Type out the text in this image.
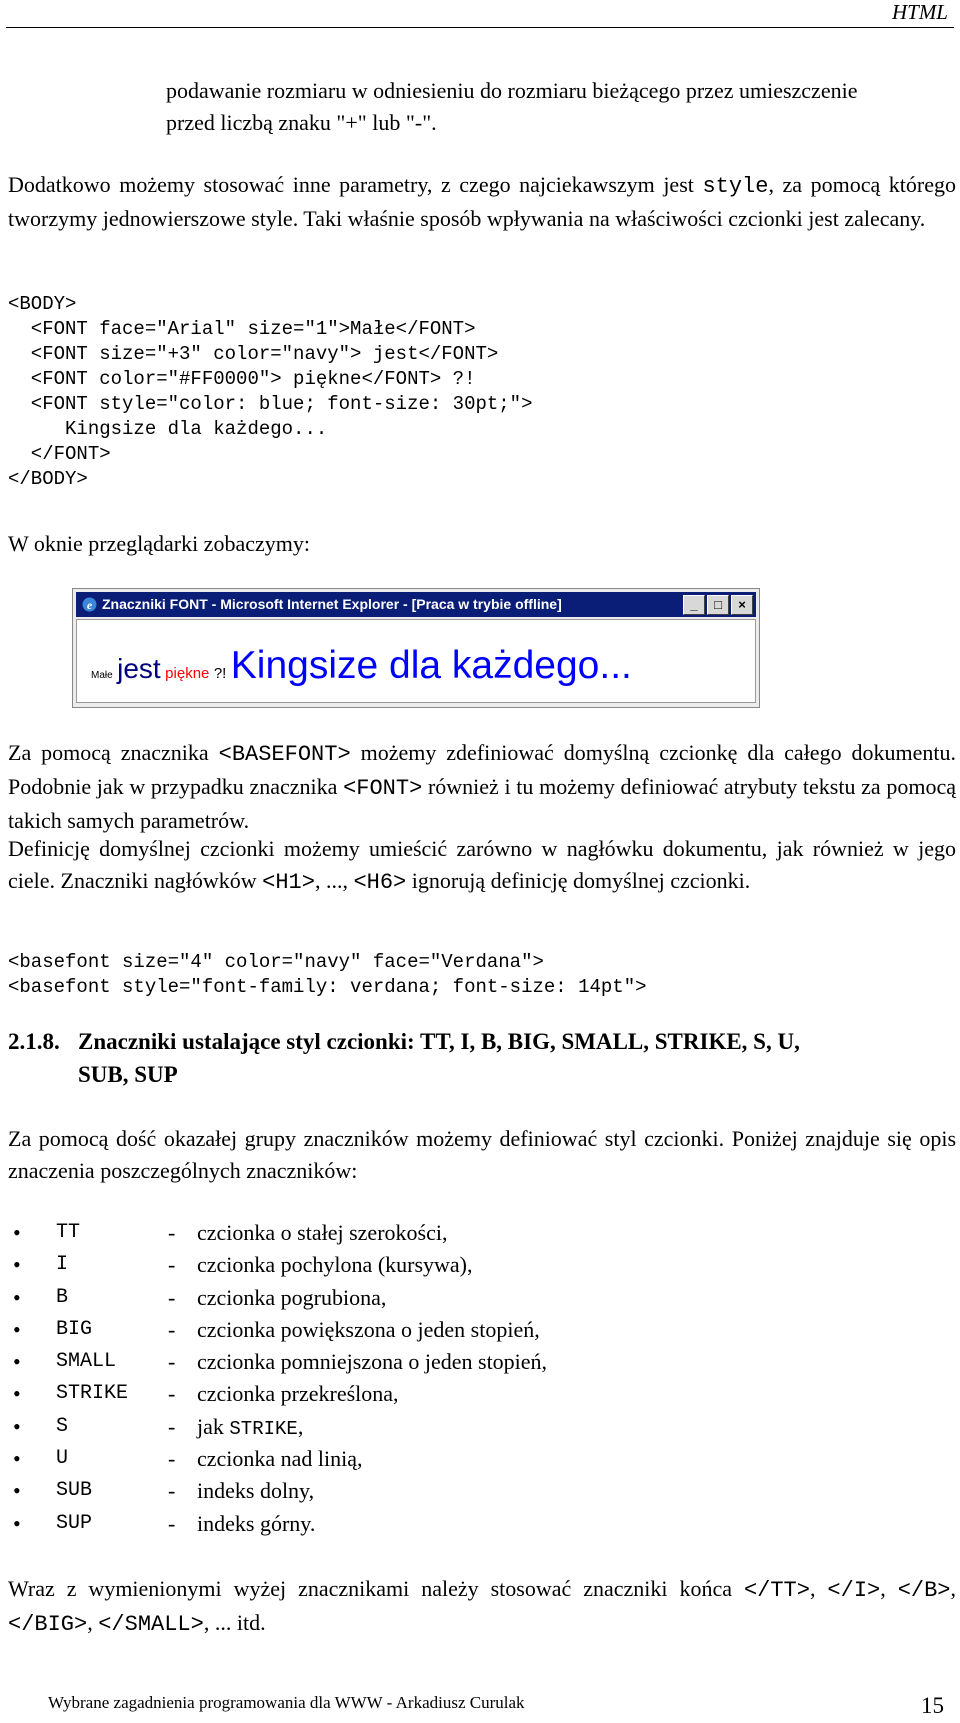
HTML

podawanie rozmiaru w odniesieniu do rozmiaru bieżącego przez umieszczenie przed liczbą znaku "+" lub "-".

Dodatkowo możemy stosować inne parametry, z czego najciekawszym jest style, za pomocą którego tworzymy jednowierszowe style. Taki właśnie sposób wpływania na właściwości czcionki jest zalecany.

<BODY>
<FONT face="Arial" size="1">Małe</FONT>
<FONT size="+3" color="navy"> jest</FONT>
<FONT color="#FF0000"> piękne</FONT> ?!
<FONT style="color: blue; font-size: 30pt;">
Kingsize dla każdego...
</FONT>
</BODY>

W oknie przeglądarki zobaczymy:

e Znaczniki FONT - Microsoft Internet Explorer - [Praca w trybie offline]	_ □ ×
Małe jest piękne ?! Kingsize dla każdego...

Za pomocą znacznika <BASEFONT> możemy zdefiniować domyślną czcionkę dla całego dokumentu. Podobnie jak w przypadku znacznika <FONT> również i tu możemy definiować atrybuty tekstu za pomocą takich samych parametrów.

Definicję domyślnej czcionki możemy umieścić zarówno w nagłówku dokumentu, jak również w jego ciele. Znaczniki nagłówków <H1>, ..., <H6> ignorują definicję domyślnej czcionki.

<basefont size="4" color="navy" face="Verdana">
<basefont style="font-family: verdana; font-size: 14pt">
2.1.8. Znaczniki ustalające styl czcionki: TT, I, B, BIG, SMALL, STRIKE, S, U,
SUB, SUP

Za pomocą dość okazałej grupy znaczników możemy definiować styl czcionki. Poniżej znajduje się opis znaczenia poszczególnych znaczników:

• TT	- czcionka o stałej szerokości,
• I	- czcionka pochylona (kursywa),
• B	- czcionka pogrubiona,
• BIG	- czcionka powiększona o jeden stopień,
• SMALL - czcionka pomniejszona o jeden stopień,
• STRIKE - czcionka przekreślona,
• S	- jak STRIKE,
• U	- czcionka nad linią,
• SUB	- indeks dolny,
• SUP	- indeks górny.

Wraz z wymienionymi wyżej znacznikami należy stosować znaczniki końca </TT>, </I>, </B>, </BIG>, </SMALL>, ... itd.

Wybrane zagadnienia programowania dla WWW - Arkadiusz Curulak	15
